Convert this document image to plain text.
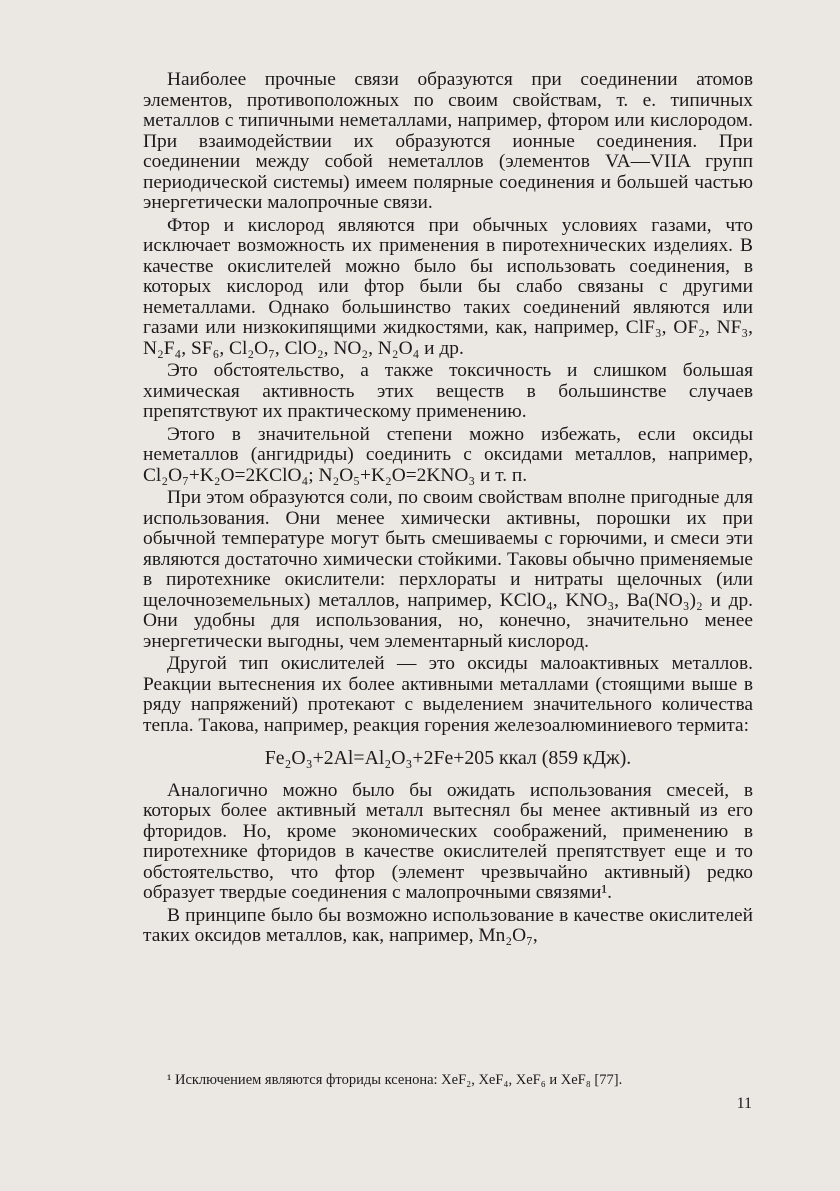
Наиболее прочные связи образуются при соединении атомов элементов, противоположных по своим свойствам, т. е. типичных металлов с типичными неметаллами, например, фтором или кислородом. При взаимодействии их образуются ионные соединения. При соединении между собой неметаллов (элементов VA—VIIA групп периодической системы) имеем полярные соединения и большей частью энергетически малопрочные связи.

Фтор и кислород являются при обычных условиях газами, что исключает возможность их применения в пиротехнических изделиях. В качестве окислителей можно было бы использовать соединения, в которых кислород или фтор были бы слабо связаны с другими неметаллами. Однако большинство таких соединений являются или газами или низкокипящими жидкостями, как, например, ClF₃, OF₂, NF₃, N₂F₄, SF₆, Cl₂O₇, ClO₂, NO₂, N₂O₄ и др.

Это обстоятельство, а также токсичность и слишком большая химическая активность этих веществ в большинстве случаев препятствуют их практическому применению.

Этого в значительной степени можно избежать, если оксиды неметаллов (ангидриды) соединить с оксидами металлов, например, Cl₂O₇+K₂O=2KClO₄; N₂O₅+K₂O=2KNO₃ и т. п.

При этом образуются соли, по своим свойствам вполне пригодные для использования. Они менее химически активны, порошки их при обычной температуре могут быть смешиваемы с горючими, и смеси эти являются достаточно химически стойкими. Таковы обычно применяемые в пиротехнике окислители: перхлораты и нитраты щелочных (или щелочноземельных) металлов, например, KClO₄, KNO₃, Ba(NO₃)₂ и др. Они удобны для использования, но, конечно, значительно менее энергетически выгодны, чем элементарный кислород.

Другой тип окислителей — это оксиды малоактивных металлов. Реакции вытеснения их более активными металлами (стоящими выше в ряду напряжений) протекают с выделением значительного количества тепла. Такова, например, реакция горения железоалюминиевого термита:

Fe₂O₃+2Al=Al₂O₃+2Fe+205 ккал (859 кДж).

Аналогично можно было бы ожидать использования смесей, в которых более активный металл вытеснял бы менее активный из его фторидов. Но, кроме экономических соображений, применению в пиротехнике фторидов в качестве окислителей препятствует еще и то обстоятельство, что фтор (элемент чрезвычайно активный) редко образует твердые соединения с малопрочными связями¹.

В принципе было бы возможно использование в качестве окислителей таких оксидов металлов, как, например, Mn₂O₇,

¹ Исключением являются фториды ксенона: XeF₂, XeF₄, XeF₆ и XeF₈ [77].
11
